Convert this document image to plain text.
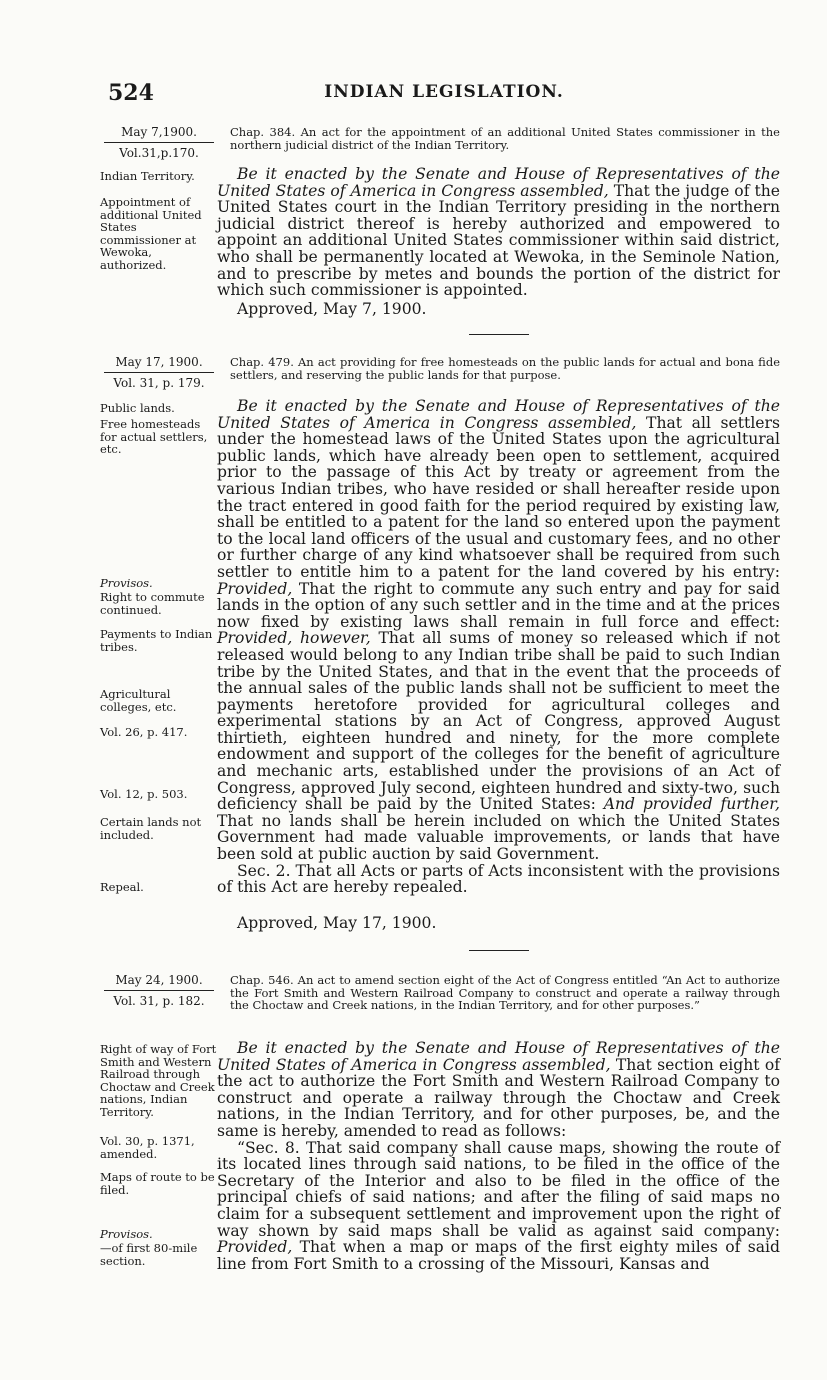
524	INDIAN LEGISLATION.
May 7,1900.
Vol.31,p.170.
Chap. 384. An act for the appointment of an additional United States commissioner in the northern judicial district of the Indian Territory.
Indian Territory.
Appointment of additional United States commissioner at Wewoka, authorized.

Be it enacted by the Senate and House of Representatives of the United States of America in Congress assembled, That the judge of the United States court in the Indian Territory presiding in the northern judicial district thereof is hereby authorized and empowered to appoint an additional United States commissioner within said district, who shall be permanently located at Wewoka, in the Seminole Nation, and to prescribe by metes and bounds the portion of the district for which such commissioner is appointed.

Approved, May 7, 1900.
May 17, 1900.
Vol. 31, p. 179.
Chap. 479. An act providing for free homesteads on the public lands for actual and bona fide settlers, and reserving the public lands for that purpose.
Public lands.
Free homesteads for actual settlers, etc.
Provisos.
Right to commute continued.
Payments to Indian tribes.
Agricultural colleges, etc.
Vol. 26, p. 417.
Vol. 12, p. 503.
Certain lands not included.
Repeal.

Be it enacted by the Senate and House of Representatives of the United States of America in Congress assembled, That all settlers under the homestead laws of the United States upon the agricultural public lands, which have already been open to settlement, acquired prior to the passage of this Act by treaty or agreement from the various Indian tribes, who have resided or shall hereafter reside upon the tract entered in good faith for the period required by existing law, shall be entitled to a patent for the land so entered upon the payment to the local land officers of the usual and customary fees, and no other or further charge of any kind whatsoever shall be required from such settler to entitle him to a patent for the land covered by his entry: Provided, That the right to commute any such entry and pay for said lands in the option of any such settler and in the time and at the prices now fixed by existing laws shall remain in full force and effect: Provided, however, That all sums of money so released which if not released would belong to any Indian tribe shall be paid to such Indian tribe by the United States, and that in the event that the proceeds of the annual sales of the public lands shall not be sufficient to meet the payments heretofore provided for agricultural colleges and experimental stations by an Act of Congress, approved August thirtieth, eighteen hundred and ninety, for the more complete endowment and support of the colleges for the benefit of agriculture and mechanic arts, established under the provisions of an Act of Congress, approved July second, eighteen hundred and sixty-two, such deficiency shall be paid by the United States: And provided further, That no lands shall be herein included on which the United States Government had made valuable improvements, or lands that have been sold at public auction by said Government.

Sec. 2. That all Acts or parts of Acts inconsistent with the provisions of this Act are hereby repealed.

Approved, May 17, 1900.
May 24, 1900.
Vol. 31, p. 182.
Chap. 546. An act to amend section eight of the Act of Congress entitled “An Act to authorize the Fort Smith and Western Railroad Company to construct and operate a railway through the Choctaw and Creek nations, in the Indian Territory, and for other purposes.”
Right of way of Fort Smith and Western Railroad through Choctaw and Creek nations, Indian Territory.
Vol. 30, p. 1371, amended.
Maps of route to be filed.
Provisos.
—of first 80-mile section.

Be it enacted by the Senate and House of Representatives of the United States of America in Congress assembled, That section eight of the act to authorize the Fort Smith and Western Railroad Company to construct and operate a railway through the Choctaw and Creek nations, in the Indian Territory, and for other purposes, be, and the same is hereby, amended to read as follows:

“Sec. 8. That said company shall cause maps, showing the route of its located lines through said nations, to be filed in the office of the Secretary of the Interior and also to be filed in the office of the principal chiefs of said nations; and after the filing of said maps no claim for a subsequent settlement and improvement upon the right of way shown by said maps shall be valid as against said company: Provided, That when a map or maps of the first eighty miles of said line from Fort Smith to a crossing of the Missouri, Kansas and
